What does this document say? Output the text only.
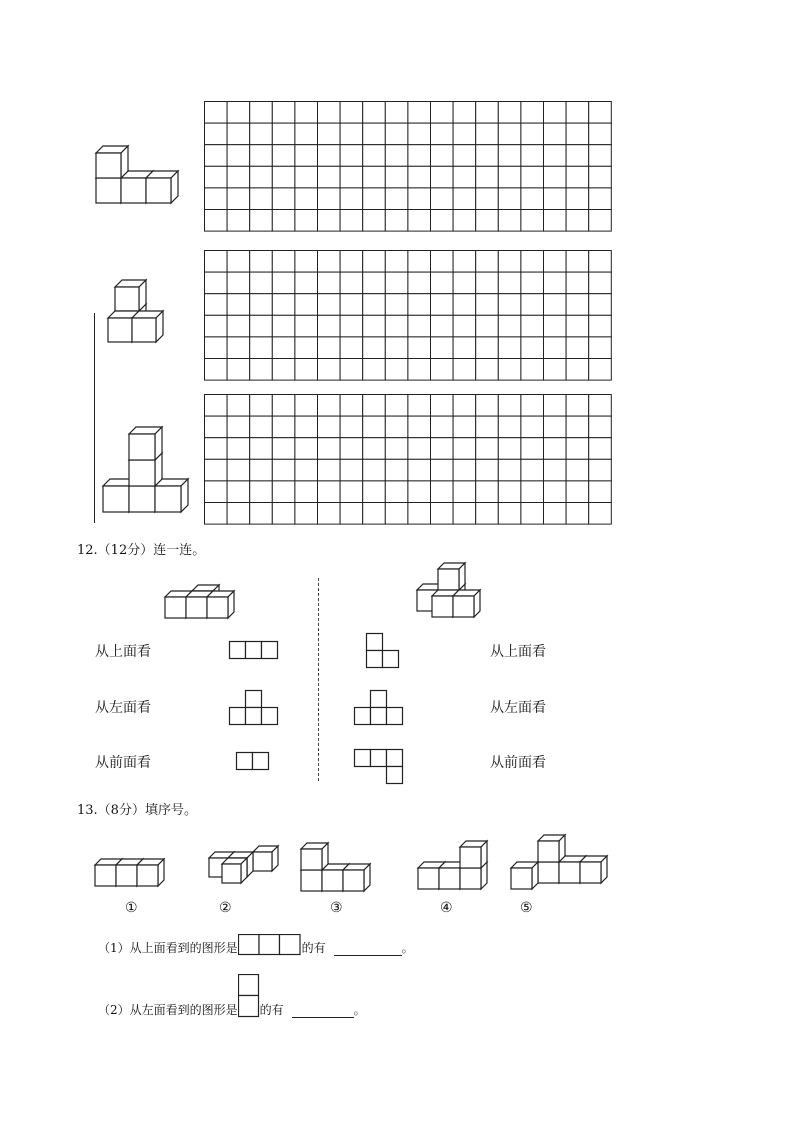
12.（12分）连一连。
从上面看
从左面看
从前面看
从上面看
从左面看
从前面看
13.（8分）填序号。
①	②	③	④	⑤
（1）从上面看到的图形是	的有	。
（2）从左面看到的图形是 的有	。
